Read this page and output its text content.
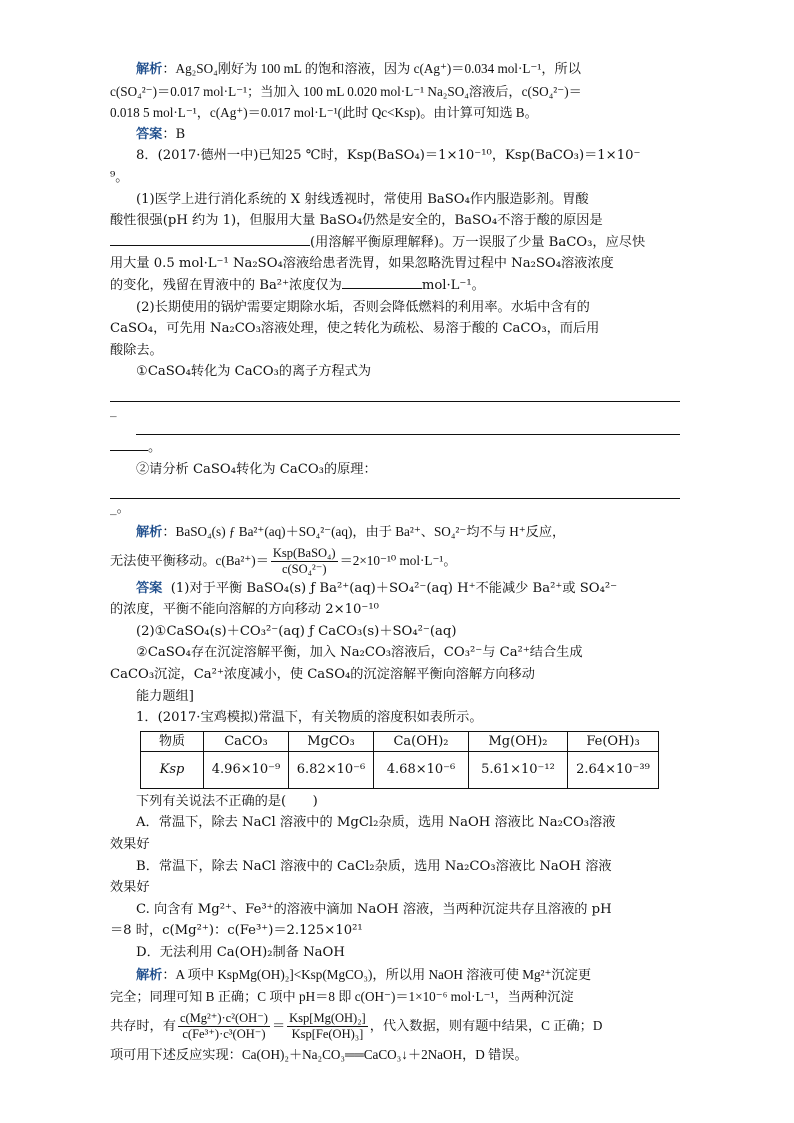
解析：Ag₂SO₄刚好为 100 mL 的饱和溶液，因为 c(Ag⁺)＝0.034 mol·L⁻¹，所以
c(SO₄²⁻)＝0.017 mol·L⁻¹；当加入 100 mL 0.020 mol·L⁻¹ Na₂SO₄溶液后，c(SO₄²⁻)＝
0.018 5 mol·L⁻¹，c(Ag⁺)＝0.017 mol·L⁻¹(此时 Qc<Ksp)。由计算可知选 B。
答案：B
8．(2017·德州一中)已知25 ℃时，Ksp(BaSO₄)＝1×10⁻¹⁰，Ksp(BaCO₃)＝1×10⁻
⁹。
(1)医学上进行消化系统的 X 射线透视时，常使用 BaSO₄作内服造影剂。胃酸
酸性很强(pH 约为 1)，但服用大量 BaSO₄仍然是安全的，BaSO₄不溶于酸的原因是
(用溶解平衡原理解释)。万一误服了少量 BaCO₃，应尽快
用大量 0.5 mol·L⁻¹ Na₂SO₄溶液给患者洗胃，如果忽略洗胃过程中 Na₂SO₄溶液浓度
的变化，残留在胃液中的 Ba²⁺浓度仅为	mol·L⁻¹。
(2)长期使用的锅炉需要定期除水垢，否则会降低燃料的利用率。水垢中含有的
CaSO₄，可先用 Na₂CO₃溶液处理，使之转化为疏松、易溶于酸的 CaCO₃，而后用
酸除去。
①CaSO₄转化为 CaCO₃的离子方程式为
_
。
②请分析 CaSO₄转化为 CaCO₃的原理：
_。
解析：BaSO₄(s) ƒ Ba²⁺(aq)＋SO₄²⁻(aq)，由于 Ba²⁺、SO₄²⁻均不与 H⁺反应，
无法使平衡移动。$c(Ba^{2+})= \frac{\text{Ksp(BaSO₄)}}{\text{c(SO₄²⁻)}} =2\times 10^{-10}$ mol·L⁻¹。
答案 (1)对于平衡 BaSO₄(s) ƒ Ba²⁺(aq)＋SO₄²⁻(aq) H⁺不能减少 Ba²⁺或 SO₄²⁻
的浓度，平衡不能向溶解的方向移动 2×10⁻¹⁰
(2)①CaSO₄(s)＋CO₃²⁻(aq) ƒ CaCO₃(s)＋SO₄²⁻(aq)
②CaSO₄存在沉淀溶解平衡，加入 Na₂CO₃溶液后，CO₃²⁻与 Ca²⁺结合生成
CaCO₃沉淀，Ca²⁺浓度减小，使 CaSO₄的沉淀溶解平衡向溶解方向移动
能力题组]
1．(2017·宝鸡模拟)常温下，有关物质的溶度积如表所示。
物质	CaCO₃	MgCO₃	Ca(OH)₂	Mg(OH)₂	Fe(OH)₃
Ksp	4.96×10⁻⁹	6.82×10⁻⁶	4.68×10⁻⁶	5.61×10⁻¹²	2.64×10⁻³⁹
下列有关说法不正确的是(　　)
A．常温下，除去 NaCl 溶液中的 MgCl₂杂质，选用 NaOH 溶液比 Na₂CO₃溶液
效果好
B．常温下，除去 NaCl 溶液中的 CaCl₂杂质，选用 Na₂CO₃溶液比 NaOH 溶液
效果好
C. 向含有 Mg²⁺、Fe³⁺的溶液中滴加 NaOH 溶液，当两种沉淀共存且溶液的 pH
＝8 时，c(Mg²⁺)：c(Fe³⁺)＝2.125×10²¹
D．无法利用 Ca(OH)₂制备 NaOH
解析：A 项中 KspMg(OH)₂]<Ksp(MgCO₃)，所以用 NaOH 溶液可使 Mg²⁺沉淀更
完全；同理可知 B 正确；C 项中 pH＝8 即 c(OH⁻)＝1×10⁻⁶ mol·L⁻¹，当两种沉淀
共存时，有 $\frac{\text{c(Mg²⁺)·c²(OH⁻)}}{\text{c(Fe³⁺)·c³(OH⁻)}} = \frac{\text{Ksp[Mg(OH)₂]}}{\text{Ksp[Fe(OH)₃]}}$ ，代入数据，则有题中结果，C 正确；D
项可用下述反应实现：Ca(OH)₂＋Na₂CO₃══CaCO₃↓＋2NaOH，D 错误。
